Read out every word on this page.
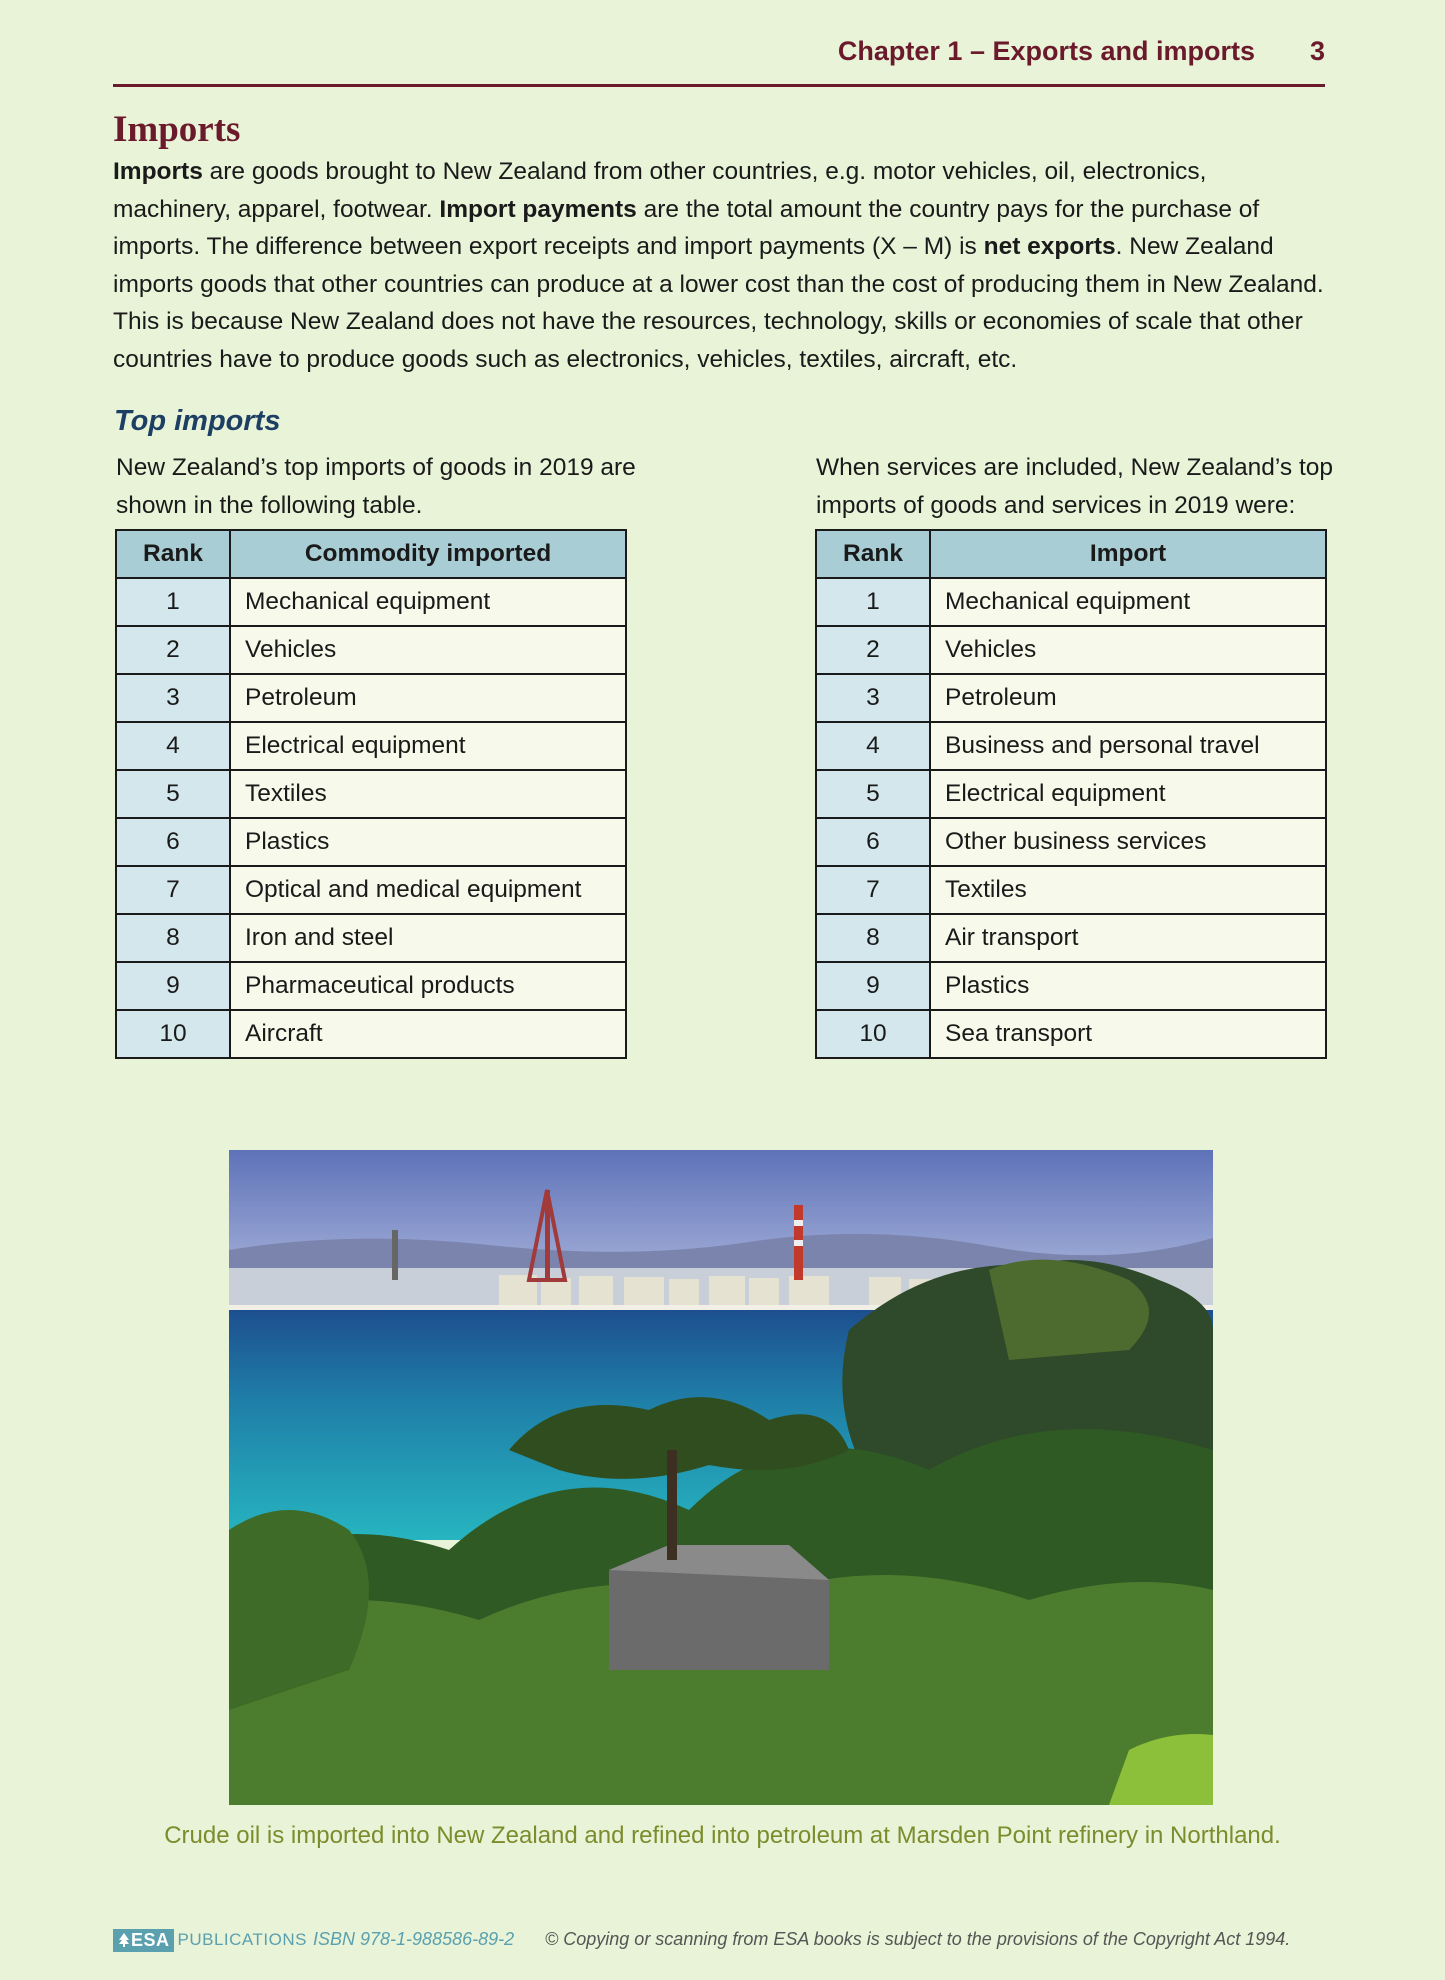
Chapter 1 – Exports and imports 3
Imports
Imports are goods brought to New Zealand from other countries, e.g. motor vehicles, oil, electronics, machinery, apparel, footwear. Import payments are the total amount the country pays for the purchase of imports. The difference between export receipts and import payments (X – M) is net exports. New Zealand imports goods that other countries can produce at a lower cost than the cost of producing them in New Zealand. This is because New Zealand does not have the resources, technology, skills or economies of scale that other countries have to produce goods such as electronics, vehicles, textiles, aircraft, etc.
Top imports
New Zealand’s top imports of goods in 2019 are shown in the following table.
When services are included, New Zealand’s top imports of goods and services in 2019 were:
Rank	Commodity imported
1	Mechanical equipment
2	Vehicles
3	Petroleum
4	Electrical equipment
5	Textiles
6	Plastics
7	Optical and medical equipment
8	Iron and steel
9	Pharmaceutical products
10	Aircraft
Rank	Import
1	Mechanical equipment
2	Vehicles
3	Petroleum
4	Business and personal travel
5	Electrical equipment
6	Other business services
7	Textiles
8	Air transport
9	Plastics
10	Sea transport
Crude oil is imported into New Zealand and refined into petroleum at Marsden Point refinery in Northland.
ESA PUBLICATIONS ISBN 978-1-988586-89-2 © Copying or scanning from ESA books is subject to the provisions of the Copyright Act 1994.
